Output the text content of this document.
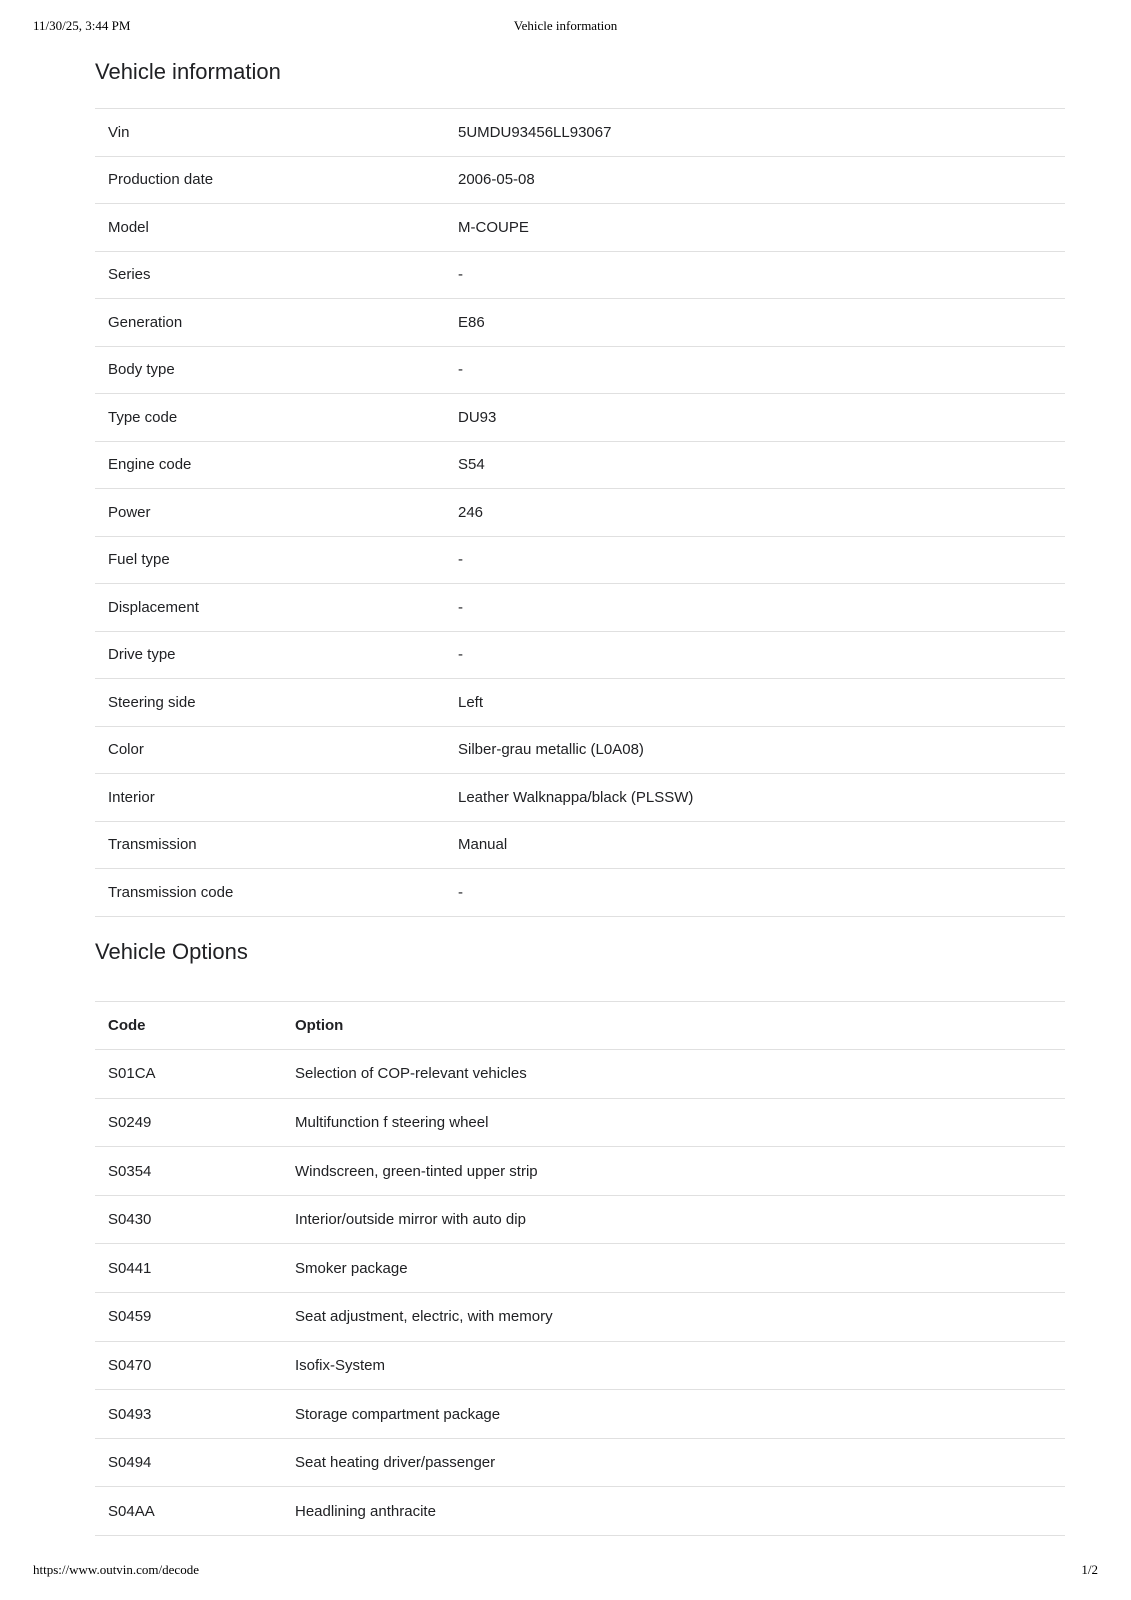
11/30/25, 3:44 PM	Vehicle information
Vehicle information
Vin	5UMDU93456LL93067
Production date	2006-05-08
Model	M-COUPE
Series	-
Generation	E86
Body type	-
Type code	DU93
Engine code	S54
Power	246
Fuel type	-
Displacement	-
Drive type	-
Steering side	Left
Color	Silber-grau metallic (L0A08)
Interior	Leather Walknappa/black (PLSSW)
Transmission	Manual
Transmission code	-
Vehicle Options
Code	Option
S01CA	Selection of COP-relevant vehicles
S0249	Multifunction f steering wheel
S0354	Windscreen, green-tinted upper strip
S0430	Interior/outside mirror with auto dip
S0441	Smoker package
S0459	Seat adjustment, electric, with memory
S0470	Isofix-System
S0493	Storage compartment package
S0494	Seat heating driver/passenger
S04AA	Headlining anthracite
https://www.outvin.com/decode	1/2
